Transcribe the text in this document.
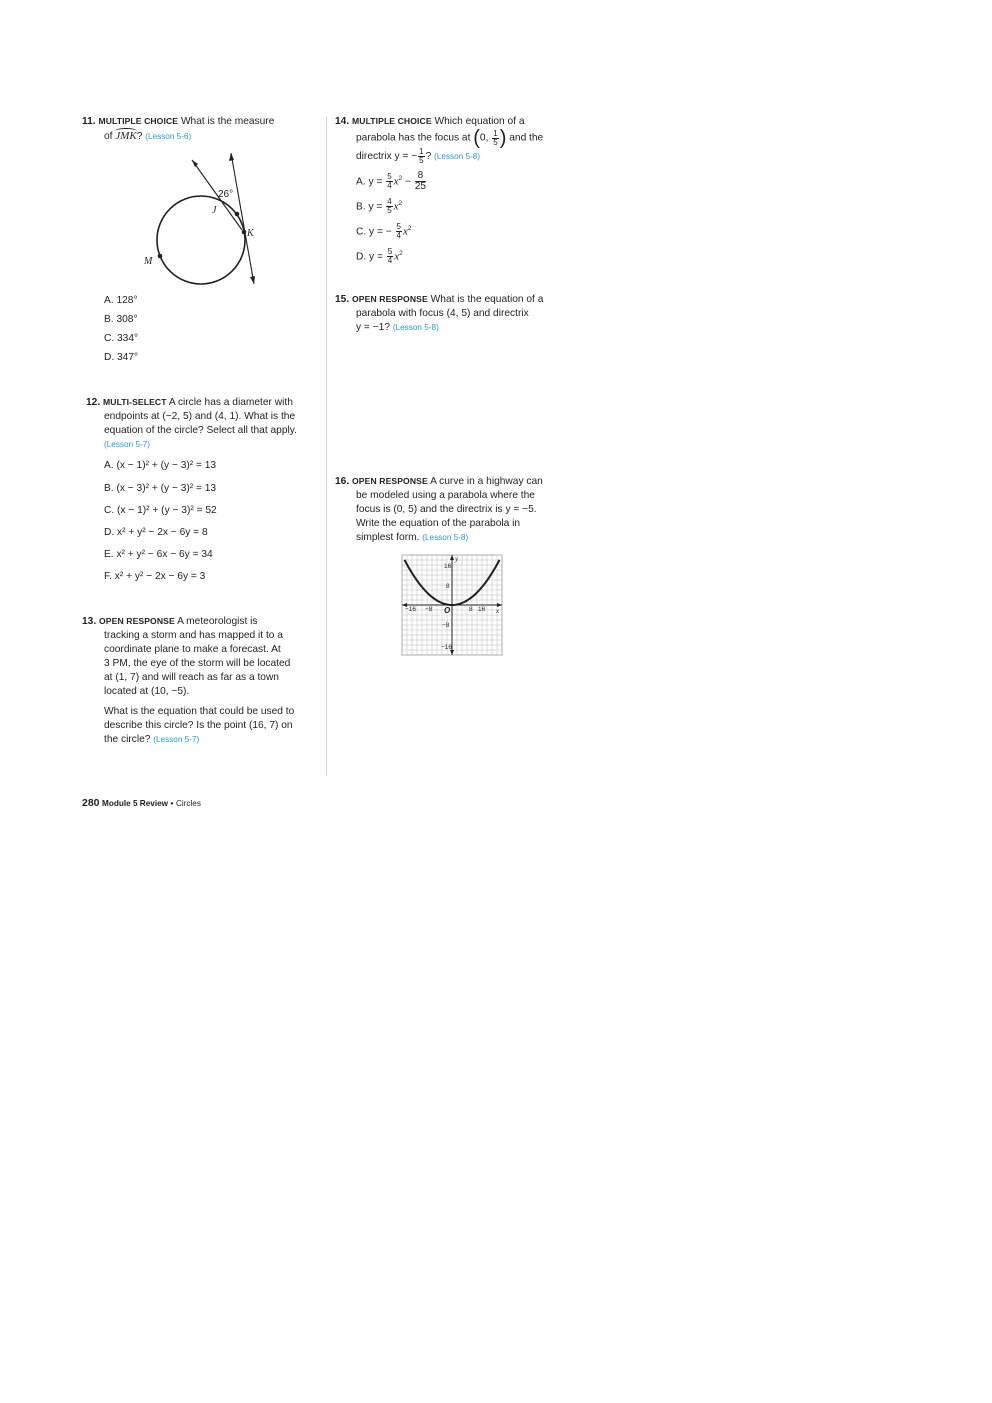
11. MULTIPLE CHOICE What is the measure
of JMK? (Lesson 5-6)
26°
J
K
M
A. 128°
B. 308°
C. 334°
D. 347°
12. MULTI-SELECT A circle has a diameter with
endpoints at (−2, 5) and (4, 1). What is the
equation of the circle? Select all that apply.
(Lesson 5-7)
A. (x − 1)² + (y − 3)² = 13
B. (x − 3)² + (y − 3)² = 13
C. (x − 1)² + (y − 3)² = 52
D. x² + y² − 2x − 6y = 8
E. x² + y² − 6x − 6y = 34
F. x² + y² − 2x − 6y = 3
13. OPEN RESPONSE A meteorologist is
tracking a storm and has mapped it to a
coordinate plane to make a forecast. At
3 PM, the eye of the storm will be located
at (1, 7) and will reach as far as a town
located at (10, −5).
What is the equation that could be used to
describe this circle? Is the point (16, 7) on
the circle? (Lesson 5-7)
14. MULTIPLE CHOICE Which equation of a
parabola has the focus at (0, $\frac{1}{5}$ ) and the
directrix y = − $\frac{1}{5}$ ? (Lesson 5-8)
A. $y = \frac{5}{4} x^2 - \frac{8}{25}$
B. $y = \frac{4}{5} x^2$
C. y = − $\frac{5}{4} x^2$
D. $y = \frac{5}{4} x^2$
15. OPEN RESPONSE What is the equation of a
parabola with focus (4, 5) and directrix
y = −1? (Lesson 5-8)
16. OPEN RESPONSE A curve in a highway can
be modeled using a parabola where the
focus is (0, 5) and the directrix is y = −5.
Write the equation of the parabola in
simplest form. (Lesson 5-8)
−16 −8	8 16
16
8
−8
−16
O	x
y
280 Module 5 Review • Circles
